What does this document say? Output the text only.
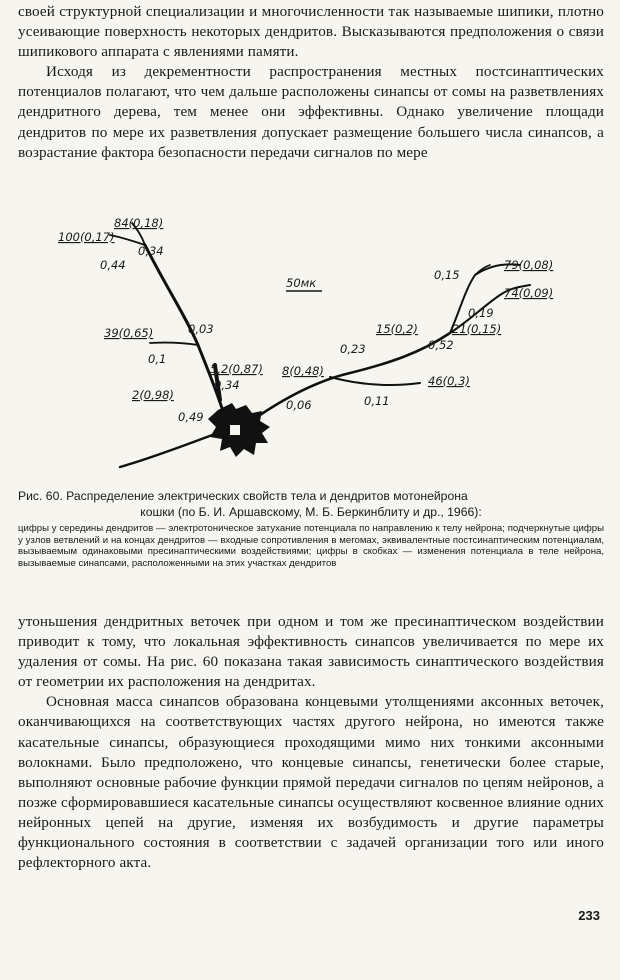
своей структурной специализации и многочисленности так называемые шипики, плотно усеивающие поверхность некоторых дендритов. Высказываются предположения о связи шипикового аппарата с явлениями памяти.

Исходя из декрементности распространения местных постсинаптических потенциалов полагают, что чем дальше расположены синапсы от сомы на разветвлениях дендритного дерева, тем менее они эффективны. Однако увеличение площади дендритов по мере их разветвления допускает размещение большего числа синапсов, а возрастание фактора безопасности передачи сигналов по мере

50мк
100(0,17)
84(0,18)
0,34
0,44
39(0,65)	0,03
0,1
5,2(0,87)
0,34
2(0,98)
0,49
8(0,48)
0,06
0,23
0,11
46(0,3)
15(0,2)
0,15
79(0,08)
74(0,09)
0,19
21(0,15)
0,52

Рис. 60. Распределение электрических свойств тела и дендритов мотонейрона

кошки (по Б. И. Аршавскому, М. Б. Беркинблиту и др., 1966):

цифры у середины дендритов — электротоническое затухание потенциала по направлению к телу нейрона; подчеркнутые цифры у узлов ветвлений и на концах дендритов — входные сопротивления в мегомах, эквивалентные постсинаптическим потенциалам, вызываемым одинаковыми пресинаптическими воздействиями; цифры в скобках — изменения потенциала в теле нейрона, вызываемые синапсами, расположенными на этих участках дендритов

утоньшения дендритных веточек при одном и том же пресинаптическом воздействии приводит к тому, что локальная эффективность синапсов увеличивается по мере их удаления от сомы. На рис. 60 показана такая зависимость синаптического воздействия от геометрии их расположения на дендритах.

Основная масса синапсов образована концевыми утолщениями аксонных веточек, оканчивающихся на соответствующих частях другого нейрона, но имеются также касательные синапсы, образующиеся проходящими мимо них тонкими аксонными волокнами. Было предположено, что концевые синапсы, генетически более старые, выполняют основные рабочие функции прямой передачи сигналов по цепям нейронов, а позже сформировавшиеся касательные синапсы осуществляют косвенное влияние одних нейронных цепей на другие, изменяя их возбудимость и другие параметры функционального состояния в соответствии с задачей организации того или иного рефлекторного акта.

233
